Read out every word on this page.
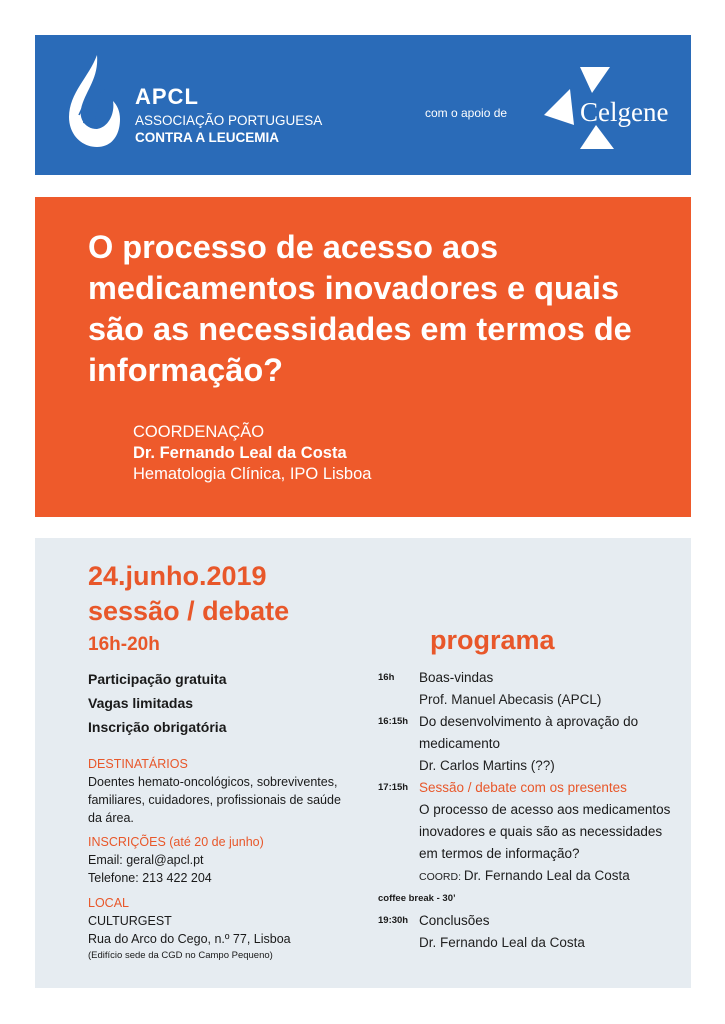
APCL
ASSOCIAÇÃO PORTUGUESA
CONTRA A LEUCEMIA
com o apoio de	Celgene
O processo de acesso aos medicamentos inovadores e quais são as necessidades em termos de informação?
COORDENAÇÃO
Dr. Fernando Leal da Costa
Hematologia Clínica, IPO Lisboa
24.junho.2019
sessão / debate
16h-20h
Participação gratuita
Vagas limitadas
Inscrição obrigatória
DESTINATÁRIOS
Doentes hemato-oncológicos, sobreviventes, familiares, cuidadores, profissionais de saúde da área.
INSCRIÇÕES (até 20 de junho)
Email: geral@apcl.pt
Telefone: 213 422 204
LOCAL
CULTURGEST
Rua do Arco do Cego, n.º 77, Lisboa
(Edifício sede da CGD no Campo Pequeno)
programa
16h	Boas-vindas
Prof. Manuel Abecasis (APCL)
16:15h Do desenvolvimento à aprovação do medicamento
Dr. Carlos Martins (??)
17:15h Sessão / debate com os presentes
O processo de acesso aos medicamentos inovadores e quais são as necessidades em termos de informação?
COORD: Dr. Fernando Leal da Costa
coffee break - 30’
19:30h Conclusões
Dr. Fernando Leal da Costa
